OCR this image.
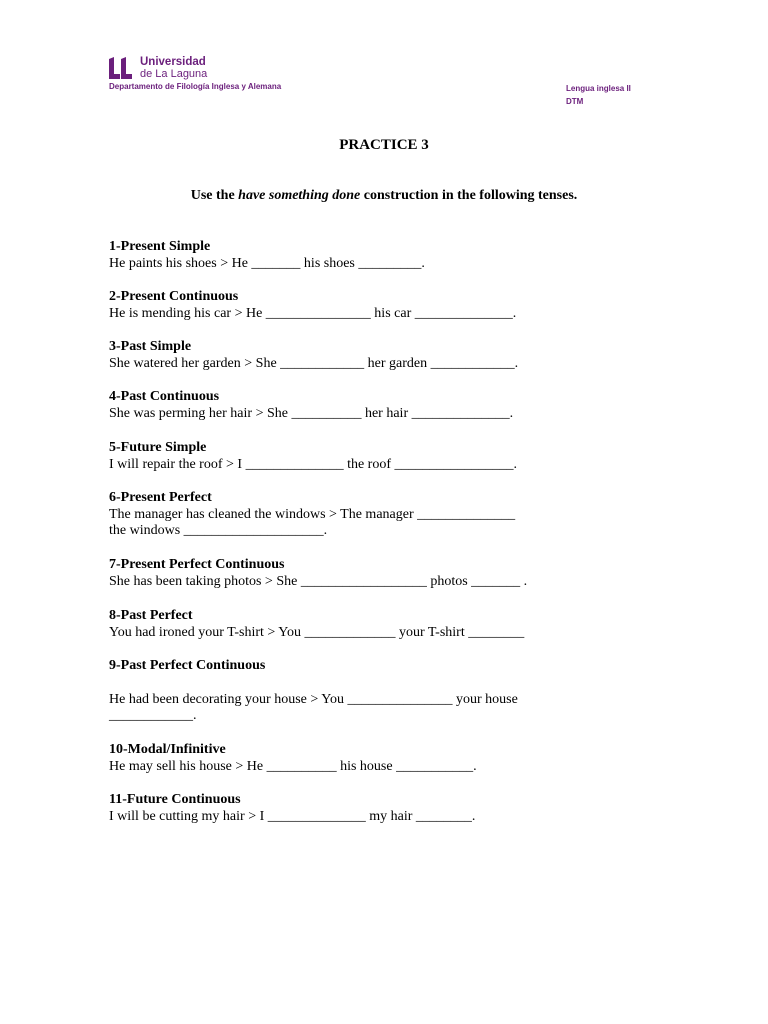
Universidad
de La Laguna
Departamento de Filología Inglesa y Alemana	Lengua inglesa II
DTM
PRACTICE 3
Use the have something done construction in the following tenses.
1-Present Simple
He paints his shoes > He _______ his shoes _________.
2-Present Continuous
He is mending his car > He _______________ his car ______________.
3-Past Simple
She watered her garden > She ____________ her garden ____________.
4-Past Continuous
She was perming her hair > She __________ her hair ______________.
5-Future Simple
I will repair the roof > I ______________ the roof _________________.
6-Present Perfect
The manager has cleaned the windows > The manager ______________
the windows ____________________.
7-Present Perfect Continuous
She has been taking photos > She __________________ photos _______ .
8-Past Perfect
You had ironed your T-shirt > You _____________ your T-shirt ________
9-Past Perfect Continuous
He had been decorating your house > You _______________ your house
____________.
10-Modal/Infinitive
He may sell his house > He __________ his house ___________.
11-Future Continuous
I will be cutting my hair > I ______________ my hair ________.
